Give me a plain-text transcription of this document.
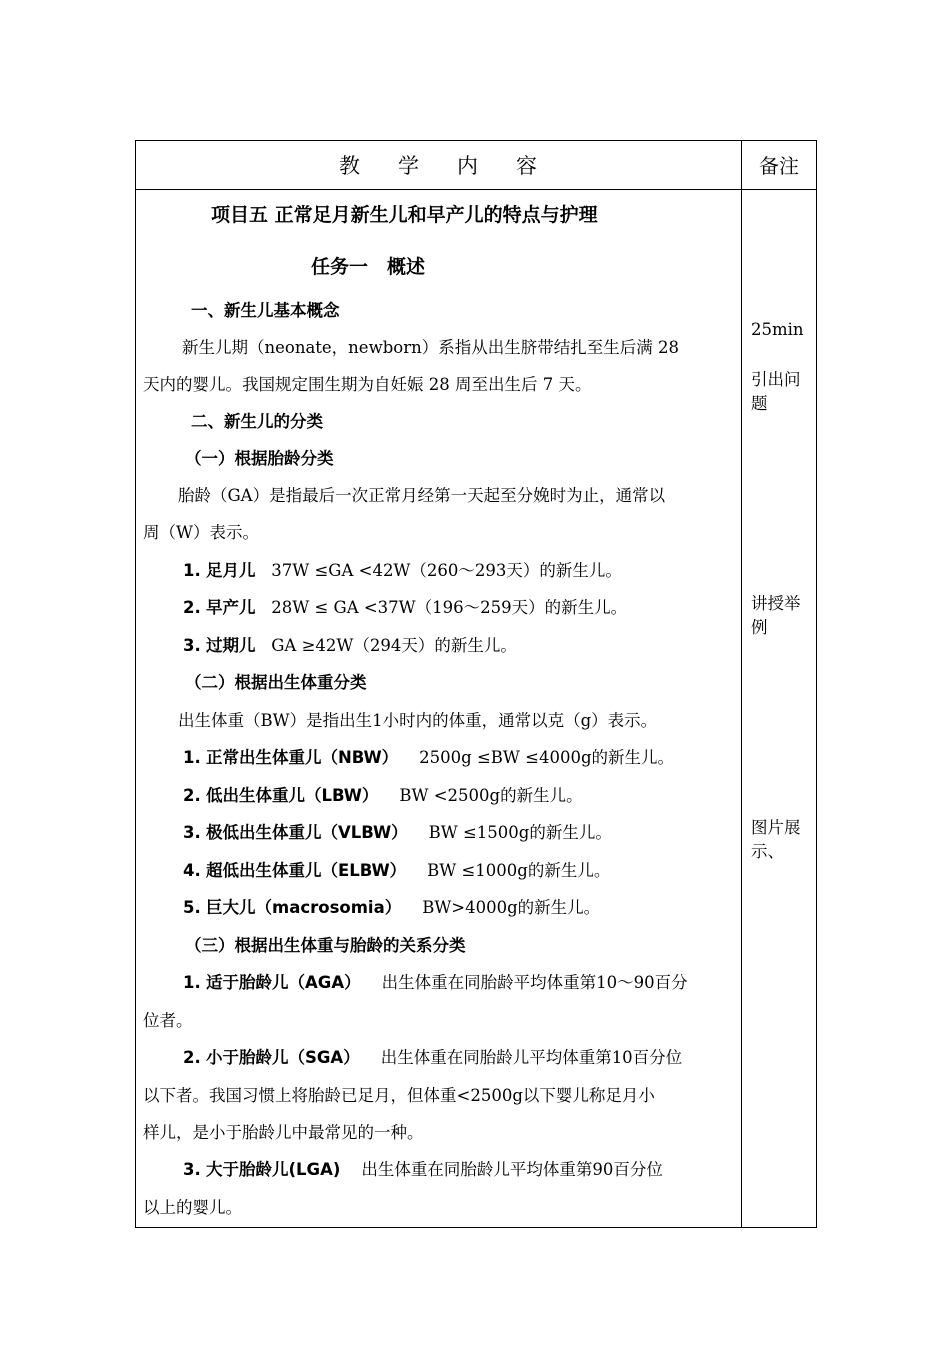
教学内容	备注
项目五 正常足月新生儿和早产儿的特点与护理
任务一　概述
一、新生儿基本概念
新生儿期（neonate，newborn）系指从出生脐带结扎至生后满 28
天内的婴儿。我国规定围生期为自妊娠 28 周至出生后 7 天。
二、新生儿的分类
（一）根据胎龄分类
胎龄（GA）是指最后一次正常月经第一天起至分娩时为止，通常以
周（W）表示。
1. 足月儿 37W ≤GA <42W（260～293天）的新生儿。
2. 早产儿 28W ≤ GA <37W（196～259天）的新生儿。
3. 过期儿 GA ≥42W（294天）的新生儿。
（二）根据出生体重分类
出生体重（BW）是指出生1小时内的体重，通常以克（g）表示。
1. 正常出生体重儿（NBW） 2500g ≤BW ≤4000g的新生儿。
2. 低出生体重儿（LBW） BW <2500g的新生儿。
3. 极低出生体重儿（VLBW） BW ≤1500g的新生儿。
4. 超低出生体重儿（ELBW） BW ≤1000g的新生儿。
5. 巨大儿（macrosomia） BW>4000g的新生儿。
（三）根据出生体重与胎龄的关系分类
1. 适于胎龄儿（AGA） 出生体重在同胎龄平均体重第10～90百分
位者。
2. 小于胎龄儿（SGA） 出生体重在同胎龄儿平均体重第10百分位
以下者。我国习惯上将胎龄已足月，但体重<2500g以下婴儿称足月小
样儿，是小于胎龄儿中最常见的一种。
3. 大于胎龄儿(LGA) 出生体重在同胎龄儿平均体重第90百分位
以上的婴儿。
25min
引出问题
讲授举例
图片展示、
